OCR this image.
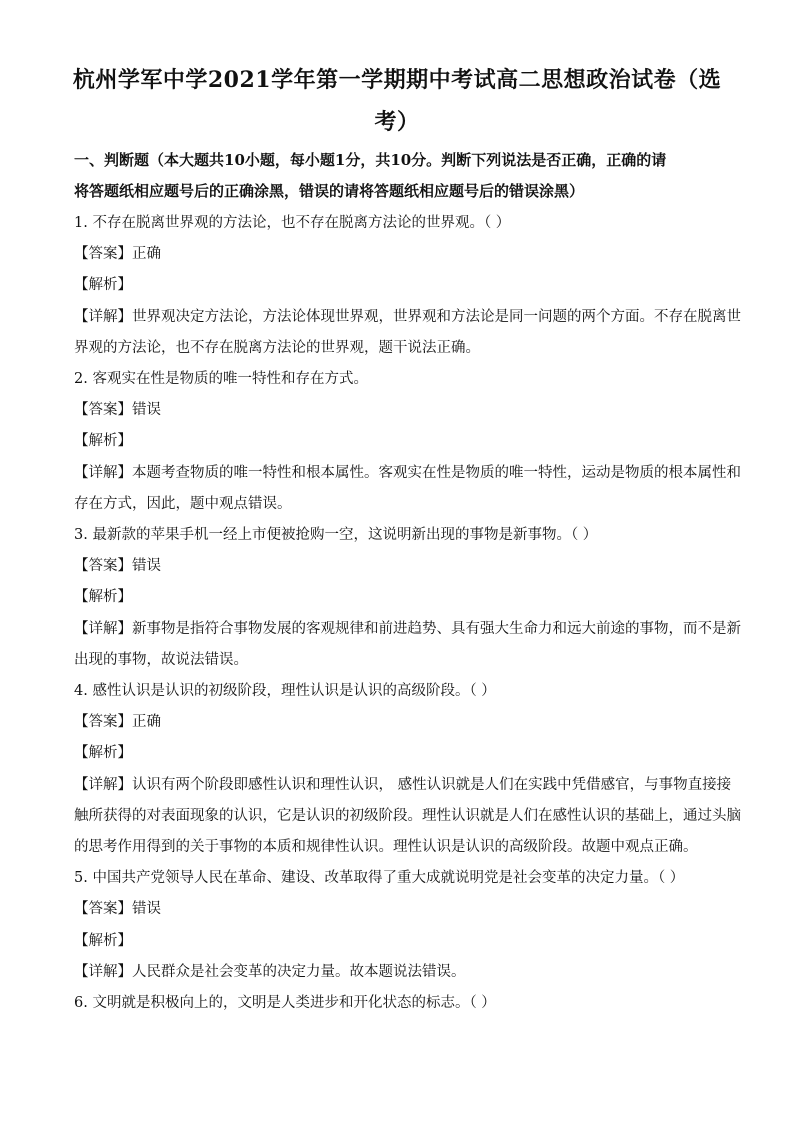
杭州学军中学2021学年第一学期期中考试高二思想政治试卷（选
考）
一、判断题（本大题共10小题，每小题1分，共10分。判断下列说法是否正确，正确的请
将答题纸相应题号后的正确涂黑，错误的请将答题纸相应题号后的错误涂黑）
1. 不存在脱离世界观的方法论，也不存在脱离方法论的世界观。（ ）
【答案】正确
【解析】
【详解】世界观决定方法论，方法论体现世界观，世界观和方法论是同一问题的两个方面。不存在脱离世
界观的方法论，也不存在脱离方法论的世界观，题干说法正确。
2. 客观实在性是物质的唯一特性和存在方式。
【答案】错误
【解析】
【详解】本题考查物质的唯一特性和根本属性。客观实在性是物质的唯一特性，运动是物质的根本属性和
存在方式，因此，题中观点错误。
3. 最新款的苹果手机一经上市便被抢购一空，这说明新出现的事物是新事物。（ ）
【答案】错误
【解析】
【详解】新事物是指符合事物发展的客观规律和前进趋势、具有强大生命力和远大前途的事物，而不是新
出现的事物，故说法错误。
4. 感性认识是认识的初级阶段，理性认识是认识的高级阶段。（ ）
【答案】正确
【解析】
【详解】认识有两个阶段即感性认识和理性认识， 感性认识就是人们在实践中凭借感官，与事物直接接
触所获得的对表面现象的认识，它是认识的初级阶段。理性认识就是人们在感性认识的基础上，通过头脑
的思考作用得到的关于事物的本质和规律性认识。理性认识是认识的高级阶段。故题中观点正确。
5. 中国共产党领导人民在革命、建设、改革取得了重大成就说明党是社会变革的决定力量。（ ）
【答案】错误
【解析】
【详解】人民群众是社会变革的决定力量。故本题说法错误。
6. 文明就是积极向上的，文明是人类进步和开化状态的标志。（ ）
